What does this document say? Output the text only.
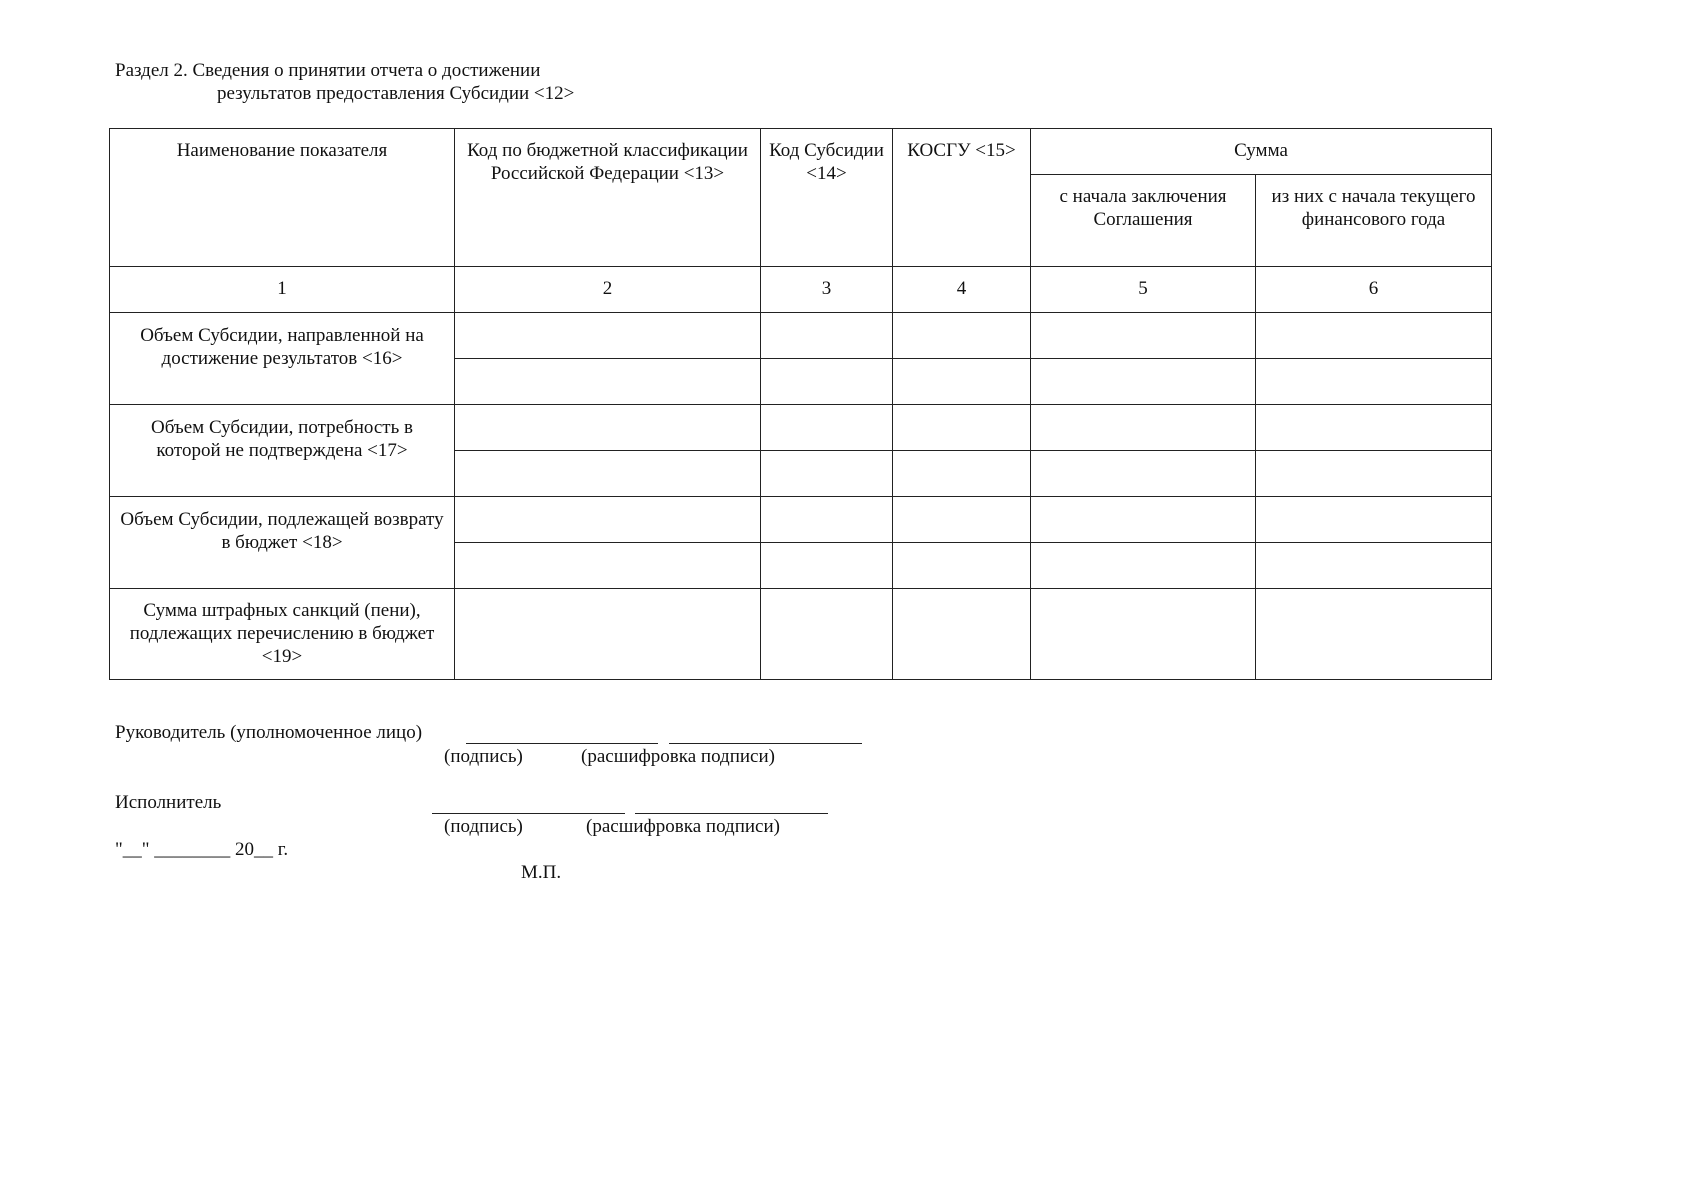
Раздел 2. Сведения о принятии отчета о достижении
результатов предоставления Субсидии <12>
Наименование показателя	Код по бюджетной классификации Российской Федерации <13>	Код Субсидии <14>	КОСГУ <15>	Сумма	
				с начала заключения Соглашения	из них с начала текущего финансового года
1	2	3	4	5	6
Объем Субсидии, направленной на достижение результатов <16>					

Объем Субсидии, потребность в которой не подтверждена <17>					

Объем Субсидии, подлежащей возврату в бюджет <18>					

Сумма штрафных санкций (пени), подлежащих перечислению в бюджет <19>					
Руководитель (уполномоченное лицо)
(подпись)	(расшифровка подписи)
Исполнитель
(подпись)	(расшифровка подписи)
"__" ________ 20__ г.
М.П.
